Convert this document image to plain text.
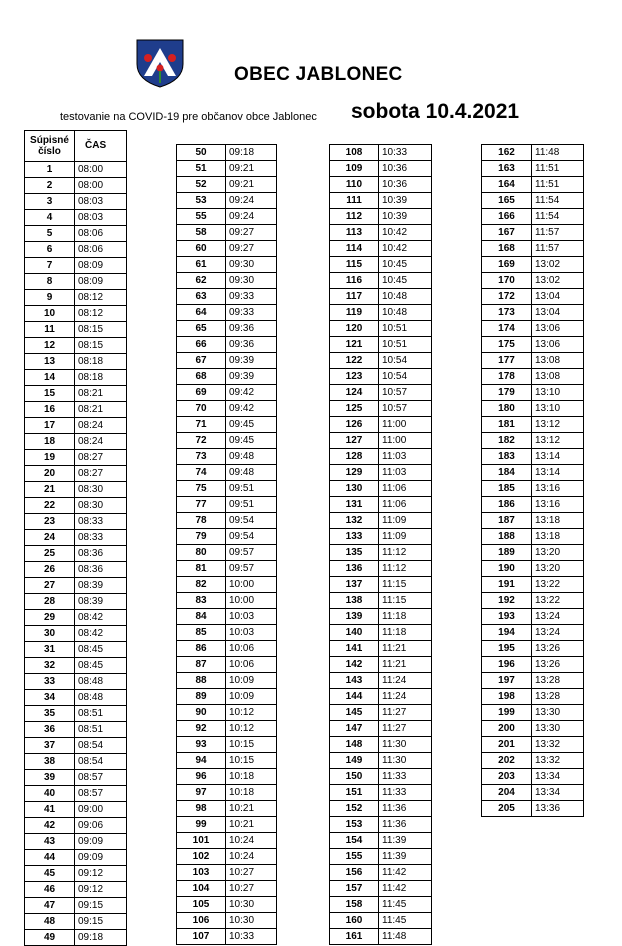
OBEC JABLONEC
testovanie na COVID-19 pre občanov obce Jablonec sobota 10.4.2021
Súpisné
číslo	ČAS
1	08:00
2	08:00
3	08:03
4	08:03
5	08:06
6	08:06
7	08:09
8	08:09
9	08:12
10	08:12
11	08:15
12	08:15
13	08:18
14	08:18
15	08:21
16	08:21
17	08:24
18	08:24
19	08:27
20	08:27
21	08:30
22	08:30
23	08:33
24	08:33
25	08:36
26	08:36
27	08:39
28	08:39
29	08:42
30	08:42
31	08:45
32	08:45
33	08:48
34	08:48
35	08:51
36	08:51
37	08:54
38	08:54
39	08:57
40	08:57
41	09:00
42	09:06
43	09:09
44	09:09
45	09:12
46	09:12
47	09:15
48	09:15
49	09:18
50	09:18
51	09:21
52	09:21
53	09:24
55	09:24
58	09:27
60	09:27
61	09:30
62	09:30
63	09:33
64	09:33
65	09:36
66	09:36
67	09:39
68	09:39
69	09:42
70	09:42
71	09:45
72	09:45
73	09:48
74	09:48
75	09:51
77	09:51
78	09:54
79	09:54
80	09:57
81	09:57
82	10:00
83	10:00
84	10:03
85	10:03
86	10:06
87	10:06
88	10:09
89	10:09
90	10:12
92	10:12
93	10:15
94	10:15
96	10:18
97	10:18
98	10:21
99	10:21
101	10:24
102	10:24
103	10:27
104	10:27
105	10:30
106	10:30
107	10:33
108	10:33
109	10:36
110	10:36
111	10:39
112	10:39
113	10:42
114	10:42
115	10:45
116	10:45
117	10:48
119	10:48
120	10:51
121	10:51
122	10:54
123	10:54
124	10:57
125	10:57
126	11:00
127	11:00
128	11:03
129	11:03
130	11:06
131	11:06
132	11:09
133	11:09
135	11:12
136	11:12
137	11:15
138	11:15
139	11:18
140	11:18
141	11:21
142	11:21
143	11:24
144	11:24
145	11:27
147	11:27
148	11:30
149	11:30
150	11:33
151	11:33
152	11:36
153	11:36
154	11:39
155	11:39
156	11:42
157	11:42
158	11:45
160	11:45
161	11:48
162	11:48
163	11:51
164	11:51
165	11:54
166	11:54
167	11:57
168	11:57
169	13:02
170	13:02
172	13:04
173	13:04
174	13:06
175	13:06
177	13:08
178	13:08
179	13:10
180	13:10
181	13:12
182	13:12
183	13:14
184	13:14
185	13:16
186	13:16
187	13:18
188	13:18
189	13:20
190	13:20
191	13:22
192	13:22
193	13:24
194	13:24
195	13:26
196	13:26
197	13:28
198	13:28
199	13:30
200	13:30
201	13:32
202	13:32
203	13:34
204	13:34
205	13:36
